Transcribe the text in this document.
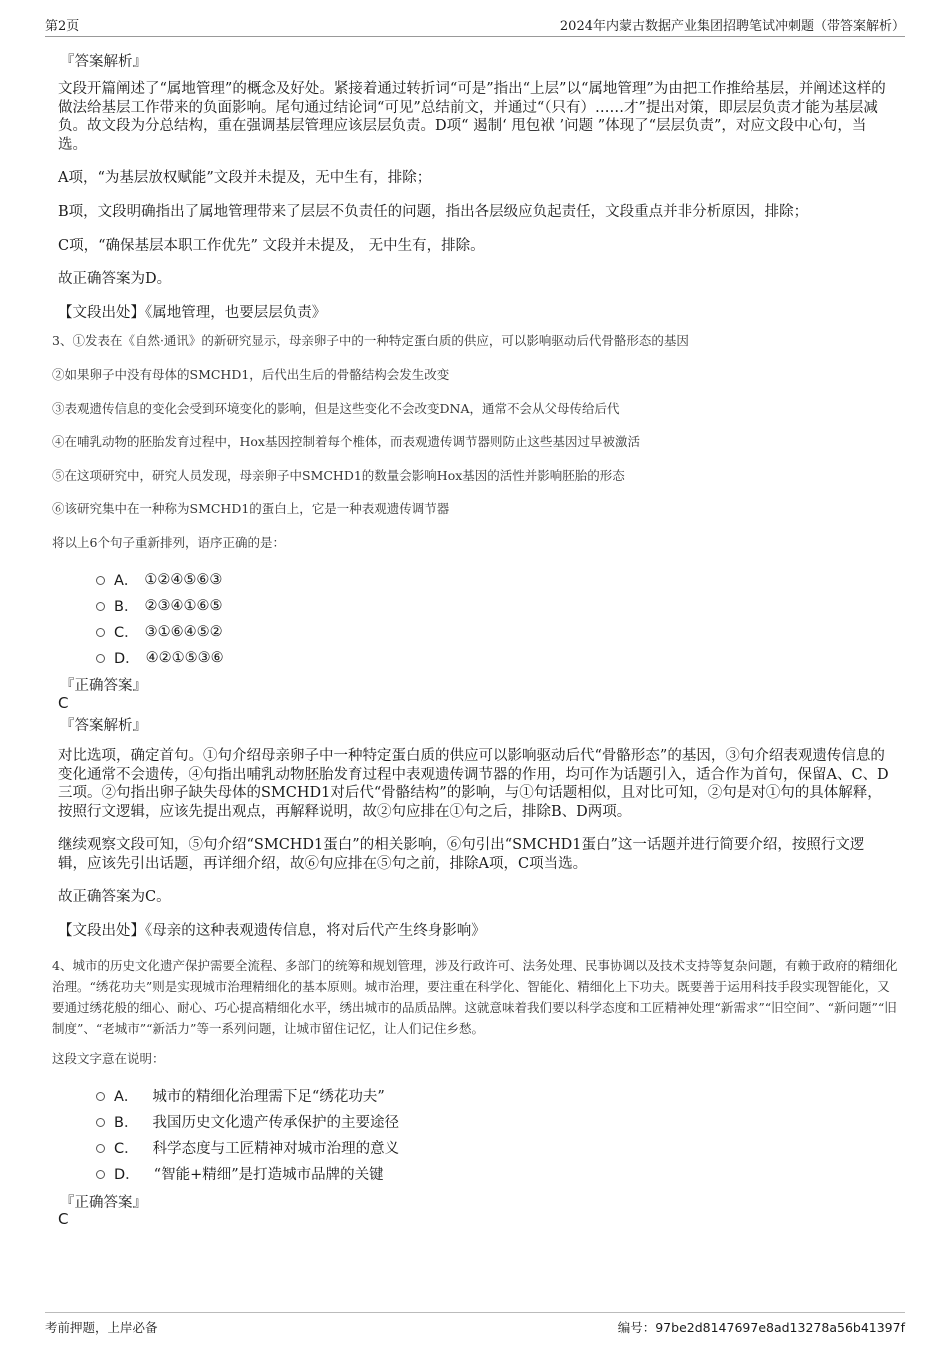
第2页	2024年内蒙古数据产业集团招聘笔试冲刺题（带答案解析）
『答案解析』
文段开篇阐述了“属地管理”的概念及好处。紧接着通过转折词“可是”指出“上层”以“属地管理”为由把工作推给基层，并阐述这样的做法给基层工作带来的负面影响。尾句通过结论词“可见”总结前文，并通过“（只有）……才”提出对策，即层层负责才能为基层减负。故文段为分总结构，重在强调基层管理应该层层负责。D项“ 遏制‘ 甩包袱 ’问题 ”体现了“层层负责”，对应文段中心句，当选。
A项，“为基层放权赋能”文段并未提及，无中生有，排除；
B项，文段明确指出了属地管理带来了层层不负责任的问题，指出各层级应负起责任，文段重点并非分析原因，排除；
C项，“确保基层本职工作优先” 文段并未提及， 无中生有，排除。
故正确答案为D。
【文段出处】《属地管理，也要层层负责》
3、①发表在《自然·通讯》的新研究显示，母亲卵子中的一种特定蛋白质的供应，可以影响驱动后代骨骼形态的基因
②如果卵子中没有母体的SMCHD1，后代出生后的骨骼结构会发生改变
③表观遗传信息的变化会受到环境变化的影响，但是这些变化不会改变DNA，通常不会从父母传给后代
④在哺乳动物的胚胎发育过程中，Hox基因控制着每个椎体，而表观遗传调节器则防止这些基因过早被激活
⑤在这项研究中，研究人员发现，母亲卵子中SMCHD1的数量会影响Hox基因的活性并影响胚胎的形态
⑥该研究集中在一种称为SMCHD1的蛋白上，它是一种表观遗传调节器
将以上6个句子重新排列，语序正确的是：
A． ①②④⑤⑥③
B． ②③④①⑥⑤
C． ③①⑥④⑤②
D． ④②①⑤③⑥
『正确答案』
C
『答案解析』
对比选项，确定首句。①句介绍母亲卵子中一种特定蛋白质的供应可以影响驱动后代“骨骼形态”的基因，③句介绍表观遗传信息的变化通常不会遗传，④句指出哺乳动物胚胎发育过程中表观遗传调节器的作用，均可作为话题引入，适合作为首句，保留A、C、D三项。②句指出卵子缺失母体的SMCHD1对后代“骨骼结构”的影响，与①句话题相似，且对比可知，②句是对①句的具体解释，按照行文逻辑，应该先提出观点，再解释说明，故②句应排在①句之后，排除B、D两项。
继续观察文段可知，⑤句介绍“SMCHD1蛋白”的相关影响，⑥句引出“SMCHD1蛋白”这一话题并进行简要介绍，按照行文逻辑，应该先引出话题，再详细介绍，故⑥句应排在⑤句之前，排除A项，C项当选。
故正确答案为C。
【文段出处】《母亲的这种表观遗传信息，将对后代产生终身影响》
4、城市的历史文化遗产保护需要全流程、多部门的统筹和规划管理，涉及行政许可、法务处理、民事协调以及技术支持等复杂问题，有赖于政府的精细化治理。“绣花功夫”则是实现城市治理精细化的基本原则。城市治理，要注重在科学化、智能化、精细化上下功夫。既要善于运用科技手段实现智能化，又要通过绣花般的细心、耐心、巧心提高精细化水平，绣出城市的品质品牌。这就意味着我们要以科学态度和工匠精神处理“新需求”“旧空间”、“新问题”“旧制度”、“老城市”“新活力”等一系列问题，让城市留住记忆，让人们记住乡愁。
这段文字意在说明：
A． 城市的精细化治理需下足“绣花功夫”
B． 我国历史文化遗产传承保护的主要途径
C． 科学态度与工匠精神对城市治理的意义
D． “智能+精细”是打造城市品牌的关键
『正确答案』
C
考前押题，上岸必备	编号：97be2d8147697e8ad13278a56b41397f
